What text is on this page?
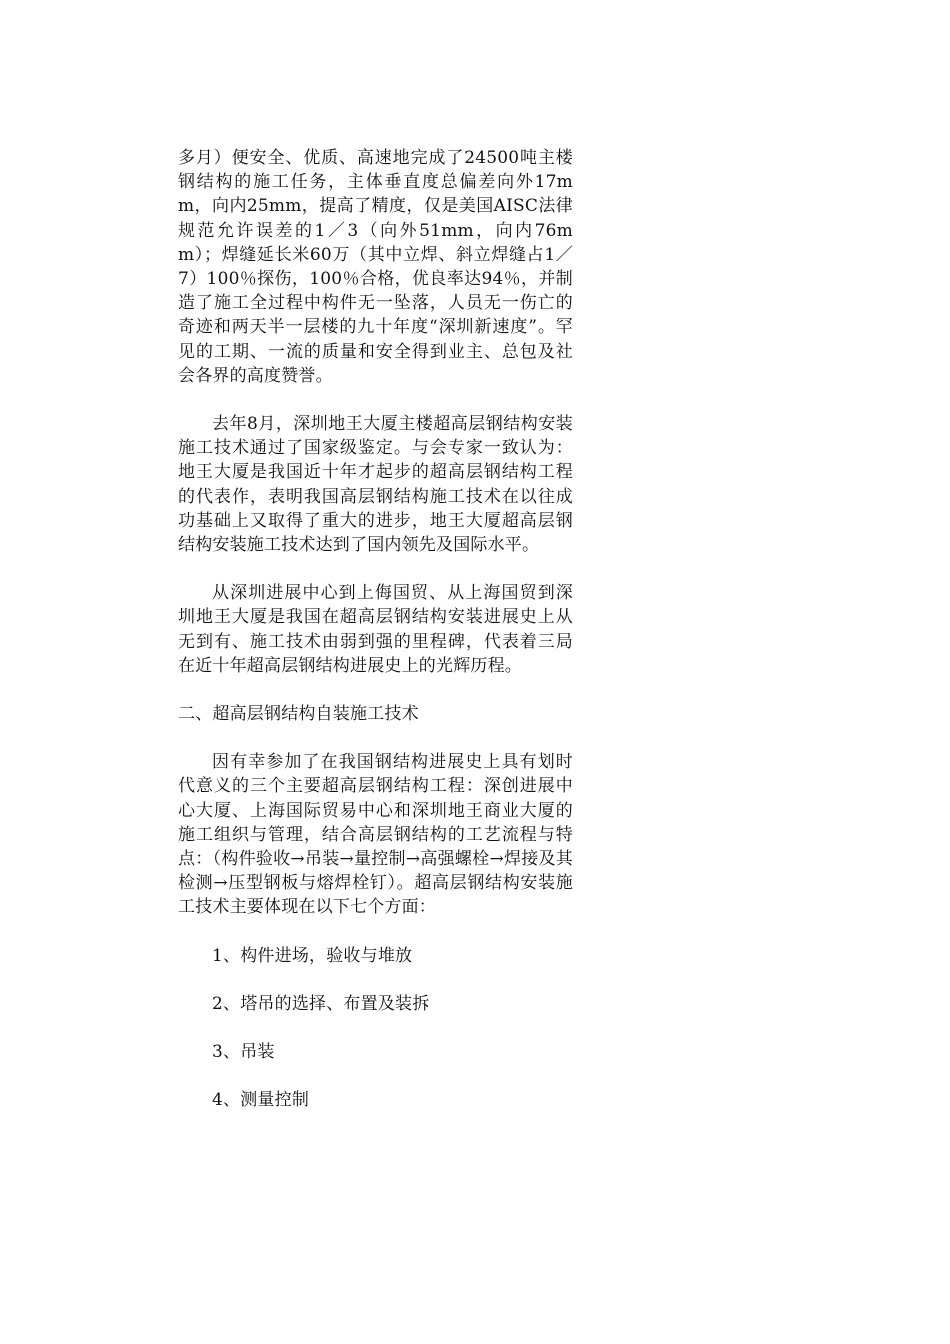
多月）便安全、优质、高速地完成了24500吨主楼钢结构的施工任务，主体垂直度总偏差向外17mm，向内25mm，提高了精度，仅是美国AISC法律规范允许误差的1／3（向外51mm，向内76mm）；焊缝延长米60万（其中立焊、斜立焊缝占1／7）100％探伤，100％合格，优良率达94％，并制造了施工全过程中构件无一坠落，人员无一伤亡的奇迹和两天半一层楼的九十年度“深圳新速度”。罕见的工期、一流的质量和安全得到业主、总包及社会各界的高度赞誉。

去年8月，深圳地王大厦主楼超高层钢结构安装施工技术通过了国家级鉴定。与会专家一致认为：地王大厦是我国近十年才起步的超高层钢结构工程的代表作，表明我国高层钢结构施工技术在以往成功基础上又取得了重大的进步，地王大厦超高层钢结构安装施工技术达到了国内领先及国际水平。

从深圳进展中心到上侮国贸、从上海国贸到深圳地王大厦是我国在超高层钢结构安装进展史上从无到有、施工技术由弱到强的里程碑，代表着三局在近十年超高层钢结构进展史上的光辉历程。

二、超高层钢结构自装施工技术

因有幸参加了在我国钢结构进展史上具有划时代意义的三个主要超高层钢结构工程：深创进展中心大厦、上海国际贸易中心和深圳地王商业大厦的施工组织与管理，结合高层钢结构的工艺流程与特点：（构件验收→吊装→量控制→高强螺栓→焊接及其检测→压型钢板与熔焊栓钉）。超高层钢结构安装施工技术主要体现在以下七个方面：

1、构件进场，验收与堆放

2、塔吊的选择、布置及装拆

3、吊装

4、测量控制
